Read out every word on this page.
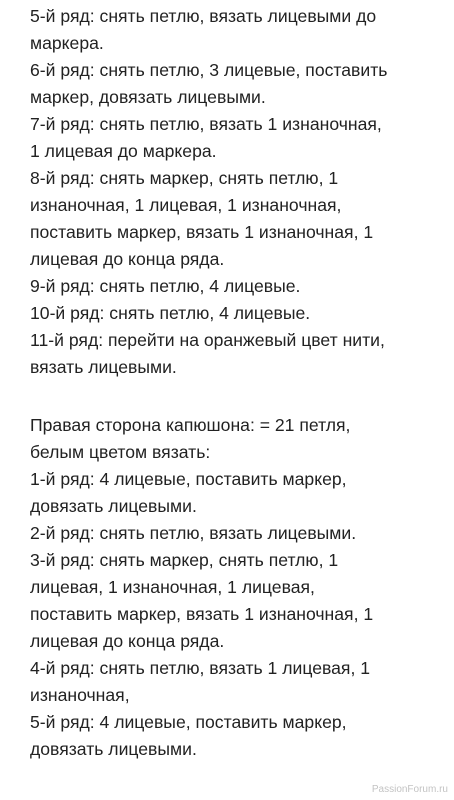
5-й ряд: снять петлю, вязать лицевыми до
маркера.
6-й ряд: снять петлю, 3 лицевые, поставить
маркер, довязать лицевыми.
7-й ряд: снять петлю, вязать 1 изнаночная,
1 лицевая до маркера.
8-й ряд: снять маркер, снять петлю, 1
изнаночная, 1 лицевая, 1 изнаночная,
поставить маркер, вязать 1 изнаночная, 1
лицевая до конца ряда.
9-й ряд: снять петлю, 4 лицевые.
10-й ряд: снять петлю, 4 лицевые.
11-й ряд: перейти на оранжевый цвет нити,
вязать лицевыми.
Правая сторона капюшона: = 21 петля,
белым цветом вязать:
1-й ряд: 4 лицевые, поставить маркер,
довязать лицевыми.
2-й ряд: снять петлю, вязать лицевыми.
3-й ряд: снять маркер, снять петлю, 1
лицевая, 1 изнаночная, 1 лицевая,
поставить маркер, вязать 1 изнаночная, 1
лицевая до конца ряда.
4-й ряд: снять петлю, вязать 1 лицевая, 1
изнаночная,
5-й ряд: 4 лицевые, поставить маркер,
довязать лицевыми.
PassionForum.ru
